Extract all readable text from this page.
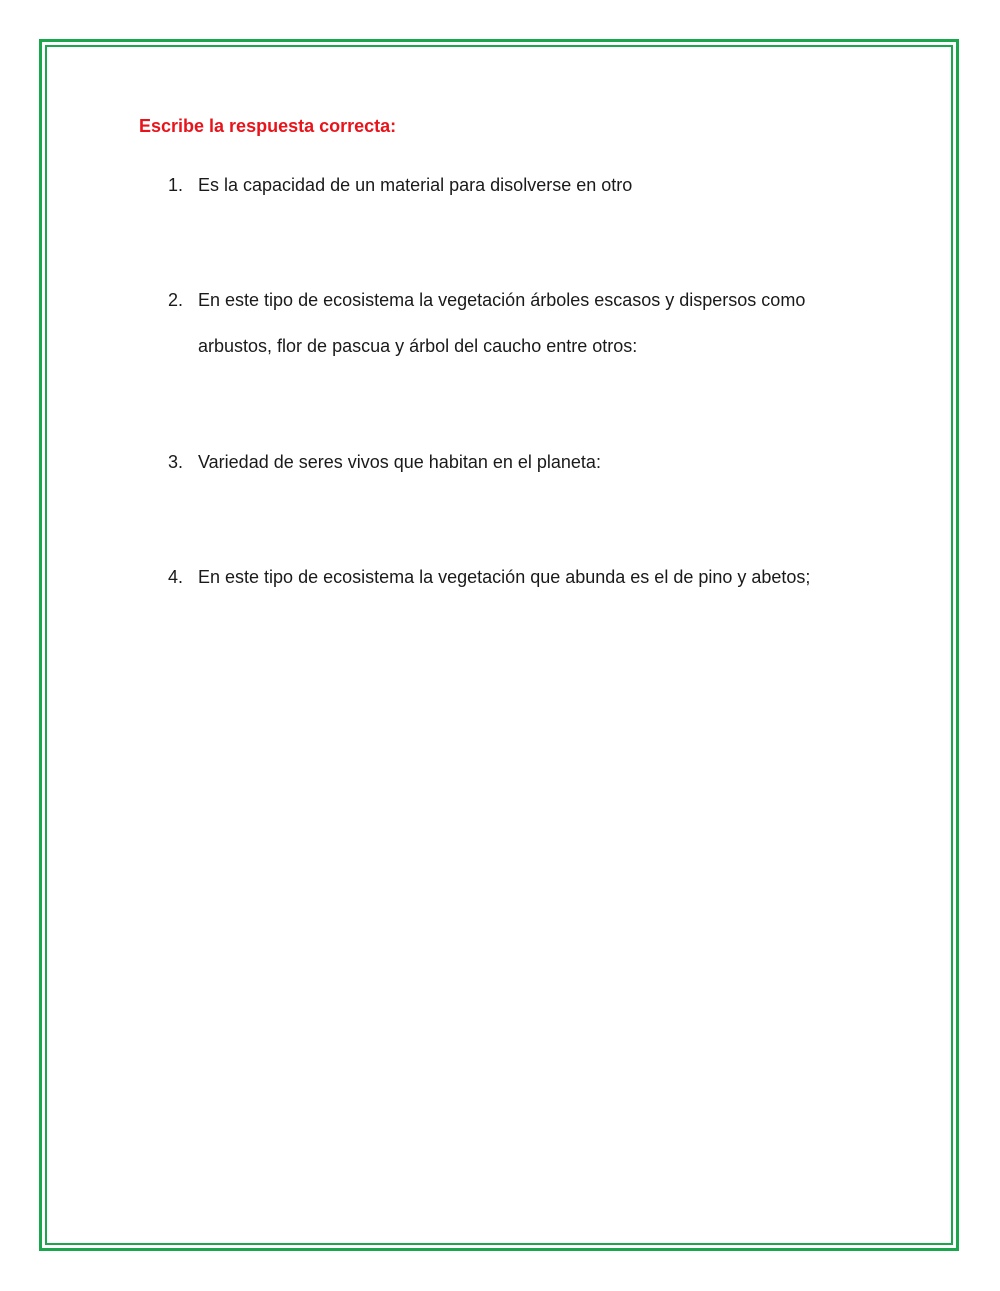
Escribe la respuesta correcta:
1. Es la capacidad de un material para disolverse en otro
2. En este tipo de ecosistema la vegetación árboles escasos y dispersos como arbustos, flor de pascua y árbol del caucho entre otros:
3. Variedad de seres vivos que habitan en el planeta:
4. En este tipo de ecosistema la vegetación que abunda es el de pino y abetos;
